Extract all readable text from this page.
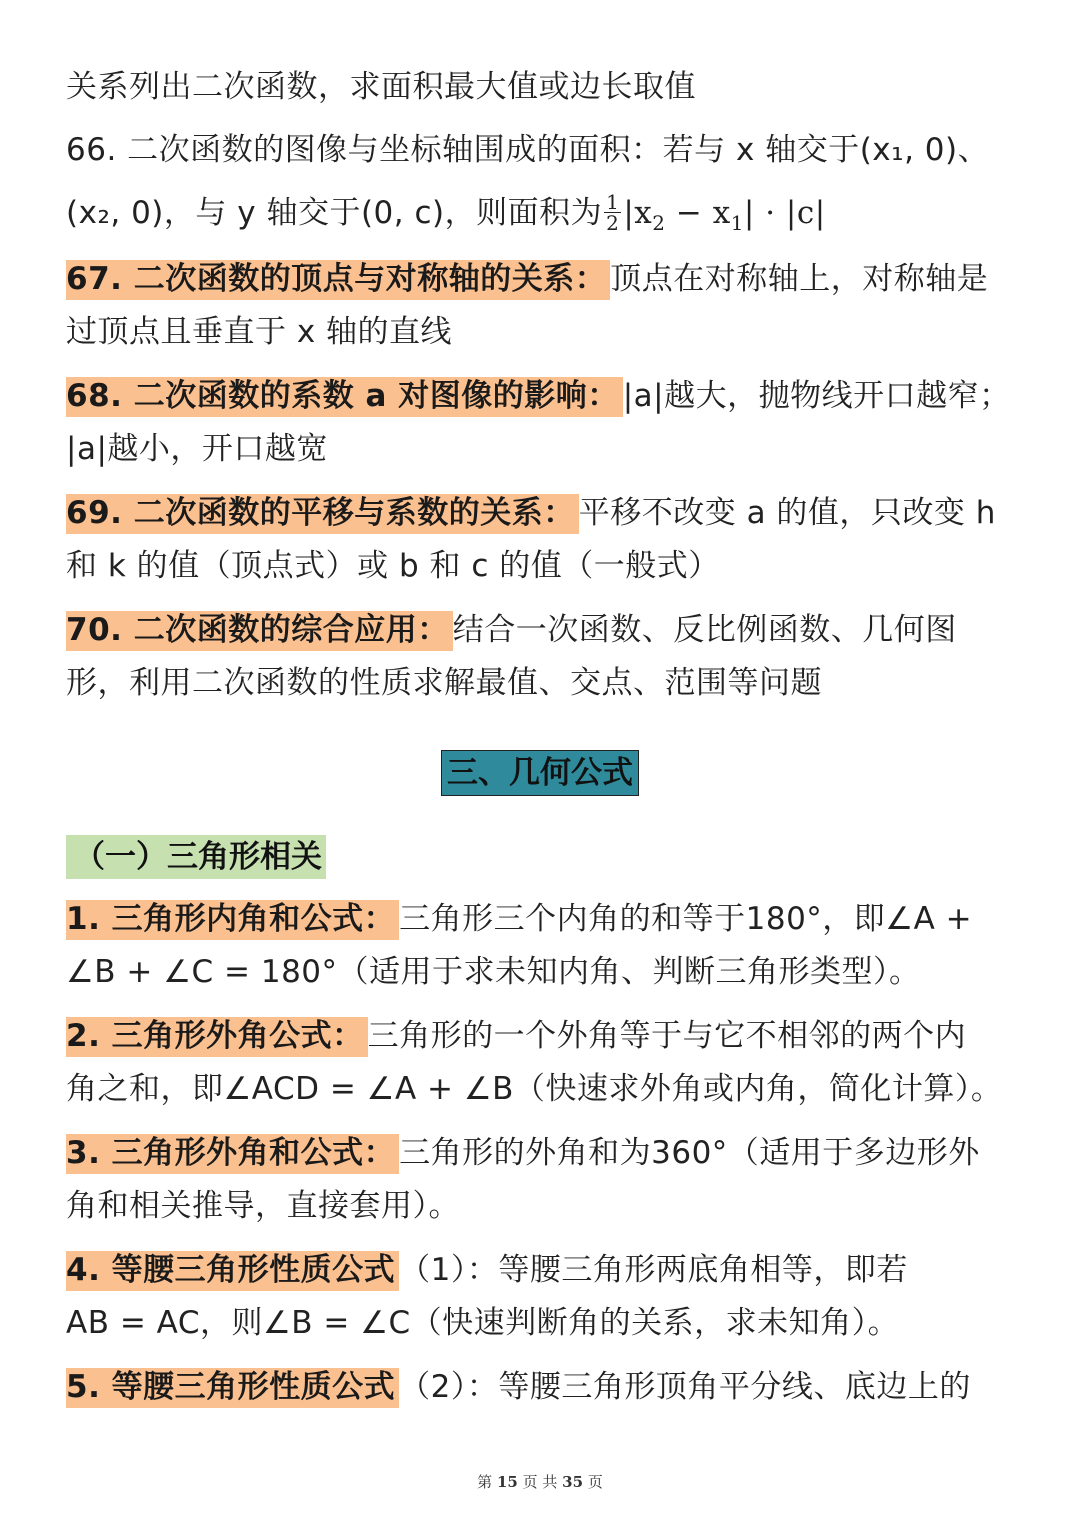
关系列出二次函数，求面积最大值或边长取值
66. 二次函数的图像与坐标轴围成的面积：若与 x 轴交于(x₁, 0)、
(x₂, 0)，与 y 轴交于(0, c)，则面积为 $\frac{1}{2} |x_2 - x_1| \cdot |c|$
67. 二次函数的顶点与对称轴的关系： 顶点在对称轴上，对称轴是
过顶点且垂直于 x 轴的直线
68. 二次函数的系数 a 对图像的影响： |a|越大，抛物线开口越窄；
|a|越小，开口越宽
69. 二次函数的平移与系数的关系： 平移不改变 a 的值，只改变 h
和 k 的值（顶点式）或 b 和 c 的值（一般式）
70. 二次函数的综合应用： 结合一次函数、反比例函数、几何图
形，利用二次函数的性质求解最值、交点、范围等问题
三、几何公式
（一）三角形相关
1. 三角形内角和公式： 三角形三个内角的和等于180°，即∠A +
∠B + ∠C = 180°（适用于求未知内角、判断三角形类型）。
2. 三角形外角公式： 三角形的一个外角等于与它不相邻的两个内
角之和，即∠ACD = ∠A + ∠B（快速求外角或内角，简化计算）。
3. 三角形外角和公式： 三角形的外角和为360°（适用于多边形外
角和相关推导，直接套用）。
4. 等腰三角形性质公式 （1）：等腰三角形两底角相等，即若
AB = AC，则∠B = ∠C（快速判断角的关系，求未知角）。
5. 等腰三角形性质公式 （2）：等腰三角形顶角平分线、底边上的
第 15 页 共 35 页
